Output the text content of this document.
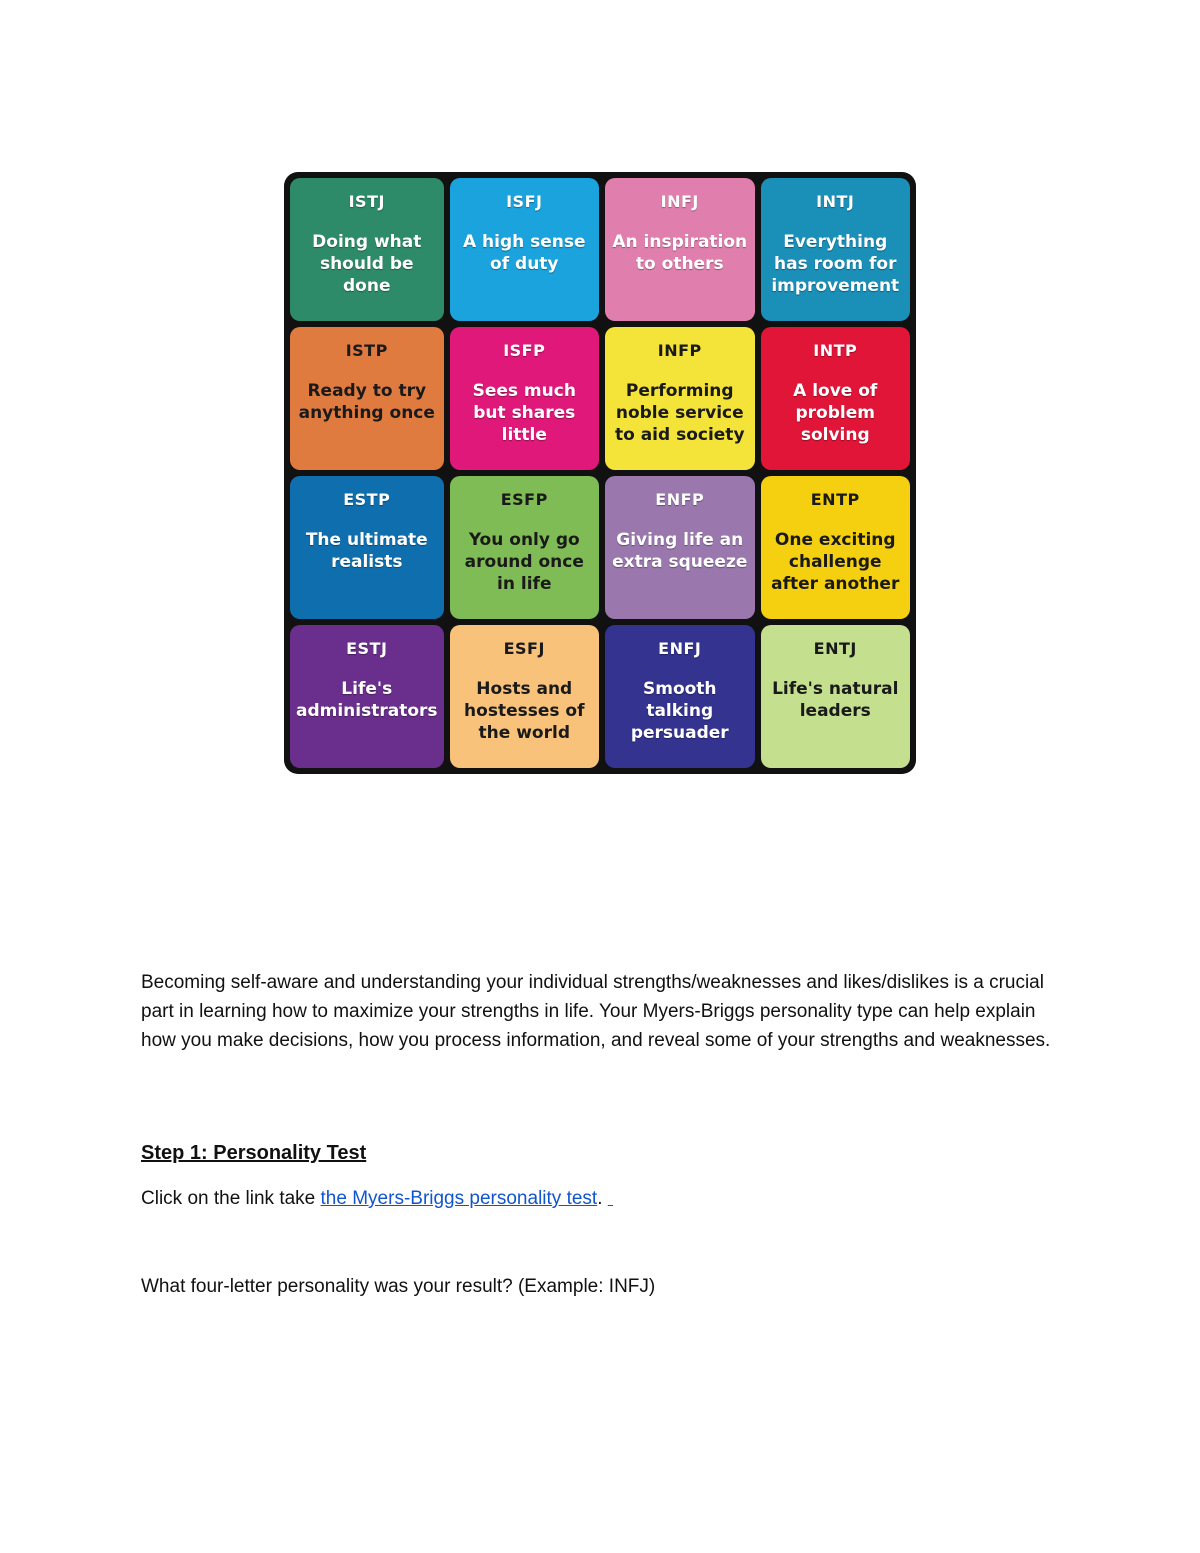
ISTJ
Doing what should be done
ISFJ
A high sense of duty
INFJ
An inspiration to others
INTJ
Everything has room for improvement
ISTP
Ready to try anything once
ISFP
Sees much but shares little
INFP
Performing noble service to aid society
INTP
A love of problem solving
ESTP
The ultimate realists
ESFP
You only go around once in life
ENFP
Giving life an extra squeeze
ENTP
One exciting challenge after another
ESTJ
Life's administrators
ESFJ
Hosts and hostesses of the world
ENFJ
Smooth talking persuader
ENTJ
Life's natural leaders

Becoming self-aware and understanding your individual strengths/weaknesses and likes/dislikes is a crucial part in learning how to maximize your strengths in life. Your Myers-Briggs personality type can help explain how you make decisions, how you process information, and reveal some of your strengths and weaknesses.

Step 1: Personality Test

Click on the link take the Myers-Briggs personality test.

What four-letter personality was your result? (Example: INFJ)
